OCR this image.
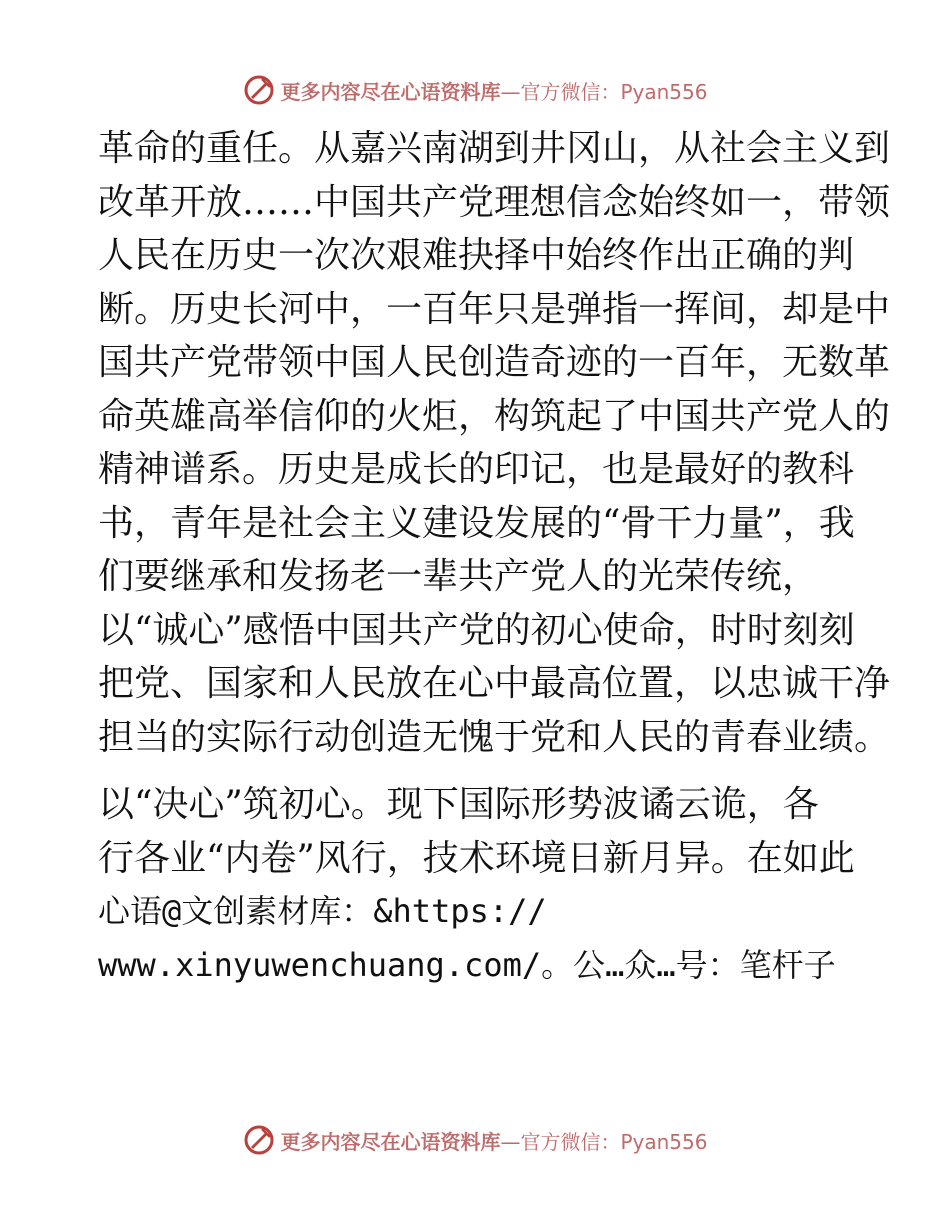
更多内容尽在心语资料库 —官方微信：Pyan556
革命的重任。从嘉兴南湖到井冈山，从社会主义到
改革开放……中国共产党理想信念始终如一，带领
人民在历史一次次艰难抉择中始终作出正确的判
断。历史长河中，一百年只是弹指一挥间，却是中
国共产党带领中国人民创造奇迹的一百年，无数革
命英雄高举信仰的火炬，构筑起了中国共产党人的
精神谱系。历史是成长的印记，也是最好的教科
书，青年是社会主义建设发展的“骨干力量”，我
们要继承和发扬老一辈共产党人的光荣传统，
以“诚心”感悟中国共产党的初心使命，时时刻刻
把党、国家和人民放在心中最高位置，以忠诚干净
担当的实际行动创造无愧于党和人民的青春业绩。
以“决心”筑初心。现下国际形势波谲云诡，各
行各业“内卷”风行，技术环境日新月异。在如此
心语@文创素材库：&https://
www.xinyuwenchuang.com/。公…众…号：笔杆子
更多内容尽在心语资料库 —官方微信：Pyan556
